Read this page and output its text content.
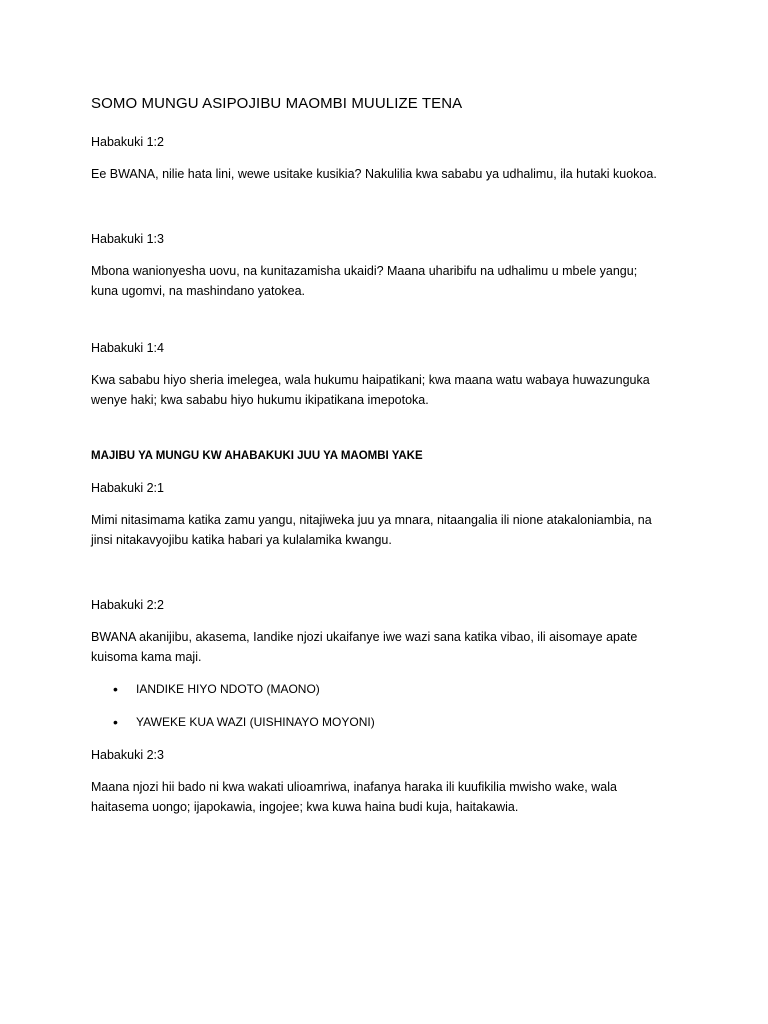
SOMO MUNGU ASIPOJIBU MAOMBI MUULIZE TENA

Habakuki 1:2

Ee BWANA, nilie hata lini, wewe usitake kusikia? Nakulilia kwa sababu ya udhalimu, ila hutaki kuokoa.

Habakuki 1:3

Mbona wanionyesha uovu, na kunitazamisha ukaidi? Maana uharibifu na udhalimu u mbele yangu;
kuna ugomvi, na mashindano yatokea.

Habakuki 1:4

Kwa sababu hiyo sheria imelegea, wala hukumu haipatikani; kwa maana watu wabaya huwazunguka
wenye haki; kwa sababu hiyo hukumu ikipatikana imepotoka.

MAJIBU YA MUNGU KW AHABAKUKI JUU YA MAOMBI YAKE

Habakuki 2:1

Mimi nitasimama katika zamu yangu, nitajiweka juu ya mnara, nitaangalia ili nione atakaloniambia, na
jinsi nitakavyojibu katika habari ya kulalamika kwangu.

Habakuki 2:2

BWANA akanijibu, akasema, Iandike njozi ukaifanye iwe wazi sana katika vibao, ili aisomaye apate
kuisoma kama maji.

• IANDIKE HIYO NDOTO (MAONO)
• YAWEKE KUA WAZI (UISHINAYO MOYONI)

Habakuki 2:3

Maana njozi hii bado ni kwa wakati ulioamriwa, inafanya haraka ili kuufikilia mwisho wake, wala
haitasema uongo; ijapokawia, ingojee; kwa kuwa haina budi kuja, haitakawia.
